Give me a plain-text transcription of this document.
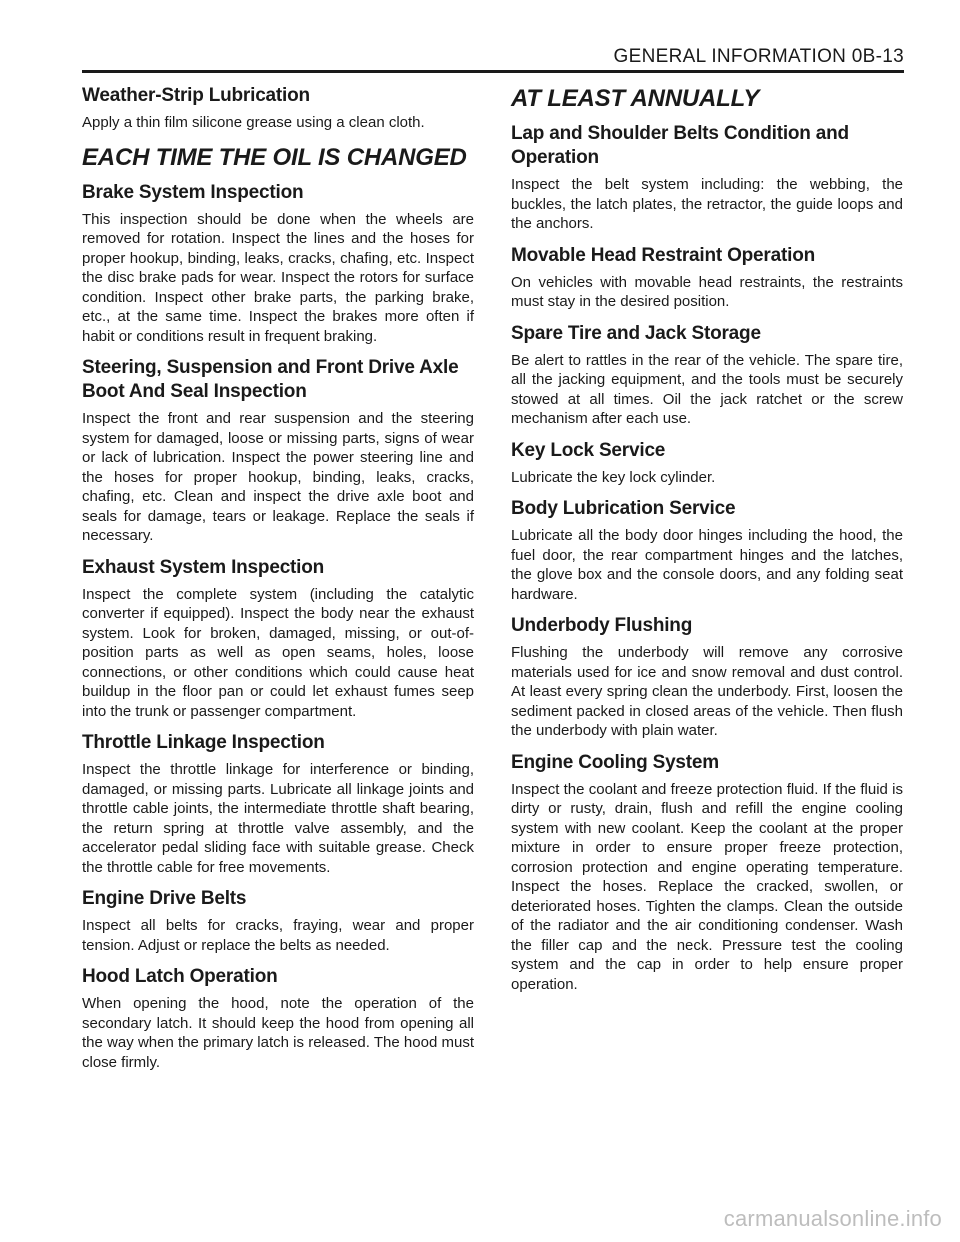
GENERAL INFORMATION 0B-13
Weather-Strip Lubrication

Apply a thin film silicone grease using a clean cloth.

EACH TIME THE OIL IS CHANGED
Brake System Inspection

This inspection should be done when the wheels are removed for rotation. Inspect the lines and the hoses for proper hookup, binding, leaks, cracks, chafing, etc. Inspect the disc brake pads for wear. Inspect the rotors for surface condition. Inspect other brake parts, the parking brake, etc., at the same time. Inspect the brakes more often if habit or conditions result in frequent braking.

Steering, Suspension and Front Drive Axle Boot And Seal Inspection

Inspect the front and rear suspension and the steering system for damaged, loose or missing parts, signs of wear or lack of lubrication. Inspect the power steering line and the hoses for proper hookup, binding, leaks, cracks, chafing, etc. Clean and inspect the drive axle boot and seals for damage, tears or leakage. Replace the seals if necessary.

Exhaust System Inspection

Inspect the complete system (including the catalytic converter if equipped). Inspect the body near the exhaust system. Look for broken, damaged, missing, or out-of-position parts as well as open seams, holes, loose connections, or other conditions which could cause heat buildup in the floor pan or could let exhaust fumes seep into the trunk or passenger compartment.

Throttle Linkage Inspection

Inspect the throttle linkage for interference or binding, damaged, or missing parts. Lubricate all linkage joints and throttle cable joints, the intermediate throttle shaft bearing, the return spring at throttle valve assembly, and the accelerator pedal sliding face with suitable grease. Check the throttle cable for free movements.

Engine Drive Belts

Inspect all belts for cracks, fraying, wear and proper tension. Adjust or replace the belts as needed.

Hood Latch Operation

When opening the hood, note the operation of the secondary latch. It should keep the hood from opening all the way when the primary latch is released. The hood must close firmly.

AT LEAST ANNUALLY
Lap and Shoulder Belts Condition and Operation

Inspect the belt system including: the webbing, the buckles, the latch plates, the retractor, the guide loops and the anchors.

Movable Head Restraint Operation

On vehicles with movable head restraints, the restraints must stay in the desired position.

Spare Tire and Jack Storage

Be alert to rattles in the rear of the vehicle. The spare tire, all the jacking equipment, and the tools must be securely stowed at all times. Oil the jack ratchet or the screw mechanism after each use.

Key Lock Service

Lubricate the key lock cylinder.

Body Lubrication Service

Lubricate all the body door hinges including the hood, the fuel door, the rear compartment hinges and the latches, the glove box and the console doors, and any folding seat hardware.

Underbody Flushing

Flushing the underbody will remove any corrosive materials used for ice and snow removal and dust control. At least every spring clean the underbody. First, loosen the sediment packed in closed areas of the vehicle. Then flush the underbody with plain water.

Engine Cooling System

Inspect the coolant and freeze protection fluid. If the fluid is dirty or rusty, drain, flush and refill the engine cooling system with new coolant. Keep the coolant at the proper mixture in order to ensure proper freeze protection, corrosion protection and engine operating temperature. Inspect the hoses. Replace the cracked, swollen, or deteriorated hoses. Tighten the clamps. Clean the outside of the radiator and the air conditioning condenser. Wash the filler cap and the neck. Pressure test the cooling system and the cap in order to help ensure proper operation.

carmanualsonline.info
